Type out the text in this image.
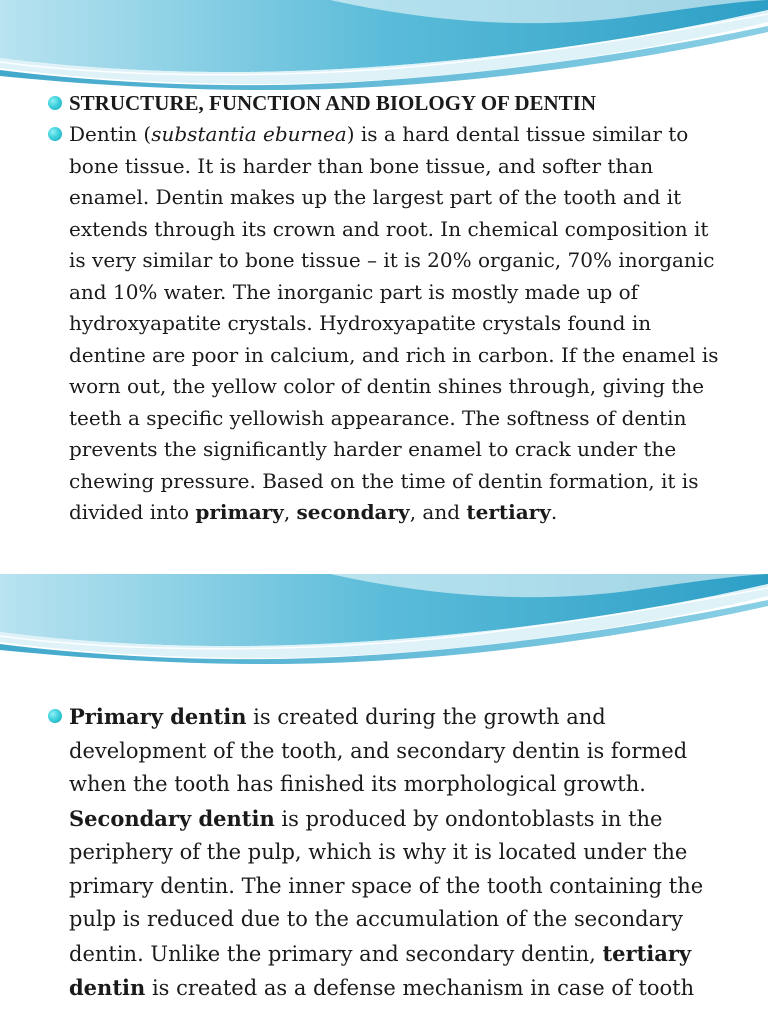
STRUCTURE, FUNCTION AND BIOLOGY OF DENTIN

Dentin (substantia eburnea) is a hard dental tissue similar to bone tissue. It is harder than bone tissue, and softer than enamel. Dentin makes up the largest part of the tooth and it extends through its crown and root. In chemical composition it is very similar to bone tissue – it is 20% organic, 70% inorganic and 10% water. The inorganic part is mostly made up of hydroxyapatite crystals. Hydroxyapatite crystals found in dentine are poor in calcium, and rich in carbon. If the enamel is worn out, the yellow color of dentin shines through, giving the teeth a specific yellowish appearance. The softness of dentin prevents the significantly harder enamel to crack under the chewing pressure. Based on the time of dentin formation, it is divided into primary, secondary, and tertiary.

Primary dentin is created during the growth and development of the tooth, and secondary dentin is formed when the tooth has finished its morphological growth. Secondary dentin is produced by ondontoblasts in the periphery of the pulp, which is why it is located under the primary dentin. The inner space of the tooth containing the pulp is reduced due to the accumulation of the secondary dentin. Unlike the primary and secondary dentin, tertiary dentin is created as a defense mechanism in case of tooth
